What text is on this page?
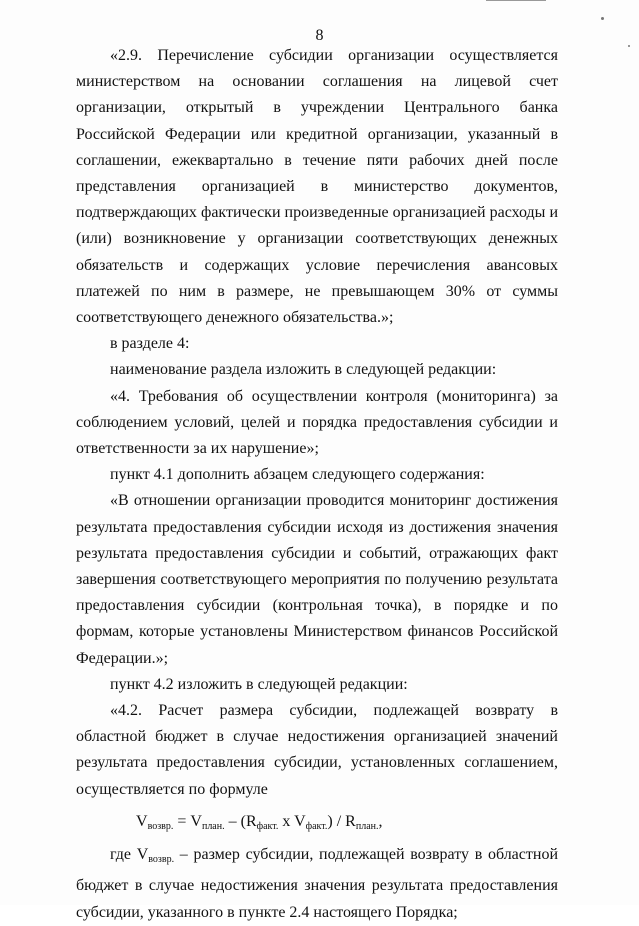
8

«2.9. Перечисление субсидии организации осуществляется министерством на основании соглашения на лицевой счет организации, открытый в учреждении Центрального банка Российской Федерации или кредитной организации, указанный в соглашении, ежеквартально в течение пяти рабочих дней после представления организацией в министерство документов, подтверждающих фактически произведенные организацией расходы и (или) возникновение у организации соответствующих денежных обязательств и содержащих условие перечисления авансовых платежей по ним в размере, не превышающем 30% от суммы соответствующего денежного обязательства.»;

в разделе 4:

наименование раздела изложить в следующей редакции:

«4. Требования об осуществлении контроля (мониторинга) за соблюдением условий, целей и порядка предоставления субсидии и ответственности за их нарушение»;

пункт 4.1 дополнить абзацем следующего содержания:

«В отношении организации проводится мониторинг достижения результата предоставления субсидии исходя из достижения значения результата предоставления субсидии и событий, отражающих факт завершения соответствующего мероприятия по получению результата предоставления субсидии (контрольная точка), в порядке и по формам, которые установлены Министерством финансов Российской Федерации.»;

пункт 4.2 изложить в следующей редакции:

«4.2. Расчет размера субсидии, подлежащей возврату в областной бюджет в случае недостижения организацией значений результата предоставления субсидии, установленных соглашением, осуществляется по формуле

$V_{возвр.} = V_{план.} - (R_{факт.}$ x $V_{факт.}) / R_{план.}$,

где $V_{возвр.}$ – размер субсидии, подлежащей возврату в областной бюджет в случае недостижения значения результата предоставления субсидии, указанного в пункте 2.4 настоящего Порядка;
